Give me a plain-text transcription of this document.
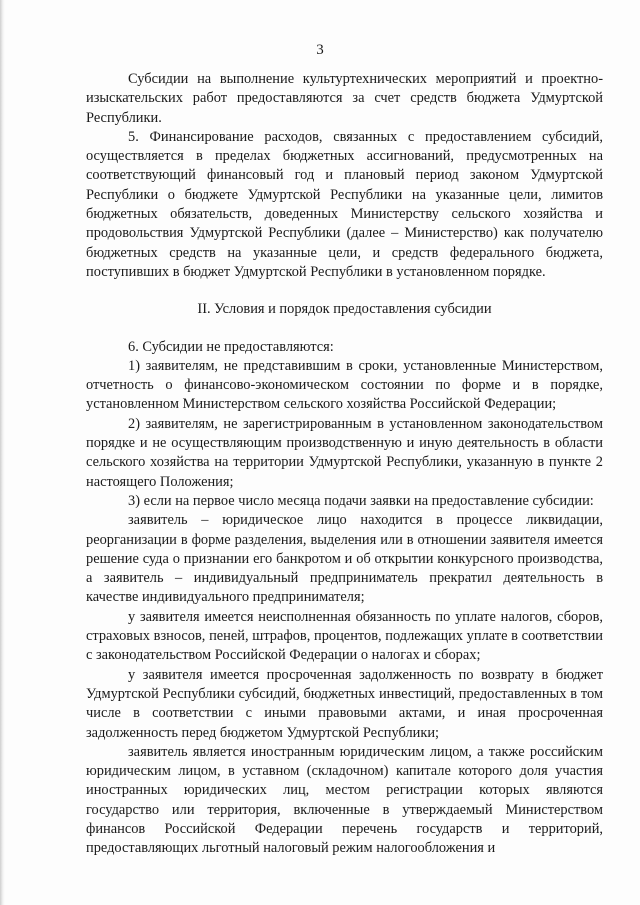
3

Субсидии на выполнение культуртехнических мероприятий и проектно-изыскательских работ предоставляются за счет средств бюджета Удмуртской Республики.

5. Финансирование расходов, связанных с предоставлением субсидий, осуществляется в пределах бюджетных ассигнований, предусмотренных на соответствующий финансовый год и плановый период законом Удмуртской Республики о бюджете Удмуртской Республики на указанные цели, лимитов бюджетных обязательств, доведенных Министерству сельского хозяйства и продовольствия Удмуртской Республики (далее – Министерство) как получателю бюджетных средств на указанные цели, и средств федерального бюджета, поступивших в бюджет Удмуртской Республики в установленном порядке.

II. Условия и порядок предоставления субсидии

6. Субсидии не предоставляются:

1) заявителям, не представившим в сроки, установленные Министерством, отчетность о финансово-экономическом состоянии по форме и в порядке, установленном Министерством сельского хозяйства Российской Федерации;

2) заявителям, не зарегистрированным в установленном законодательством порядке и не осуществляющим производственную и иную деятельность в области сельского хозяйства на территории Удмуртской Республики, указанную в пункте 2 настоящего Положения;

3) если на первое число месяца подачи заявки на предоставление субсидии:

заявитель – юридическое лицо находится в процессе ликвидации, реорганизации в форме разделения, выделения или в отношении заявителя имеется решение суда о признании его банкротом и об открытии конкурсного производства, а заявитель – индивидуальный предприниматель прекратил деятельность в качестве индивидуального предпринимателя;

у заявителя имеется неисполненная обязанность по уплате налогов, сборов, страховых взносов, пеней, штрафов, процентов, подлежащих уплате в соответствии с законодательством Российской Федерации о налогах и сборах;

у заявителя имеется просроченная задолженность по возврату в бюджет Удмуртской Республики субсидий, бюджетных инвестиций, предоставленных в том числе в соответствии с иными правовыми актами, и иная просроченная задолженность перед бюджетом Удмуртской Республики;

заявитель является иностранным юридическим лицом, а также российским юридическим лицом, в уставном (складочном) капитале которого доля участия иностранных юридических лиц, местом регистрации которых являются государство или территория, включенные в утверждаемый Министерством финансов Российской Федерации перечень государств и территорий, предоставляющих льготный налоговый режим налогообложения и
